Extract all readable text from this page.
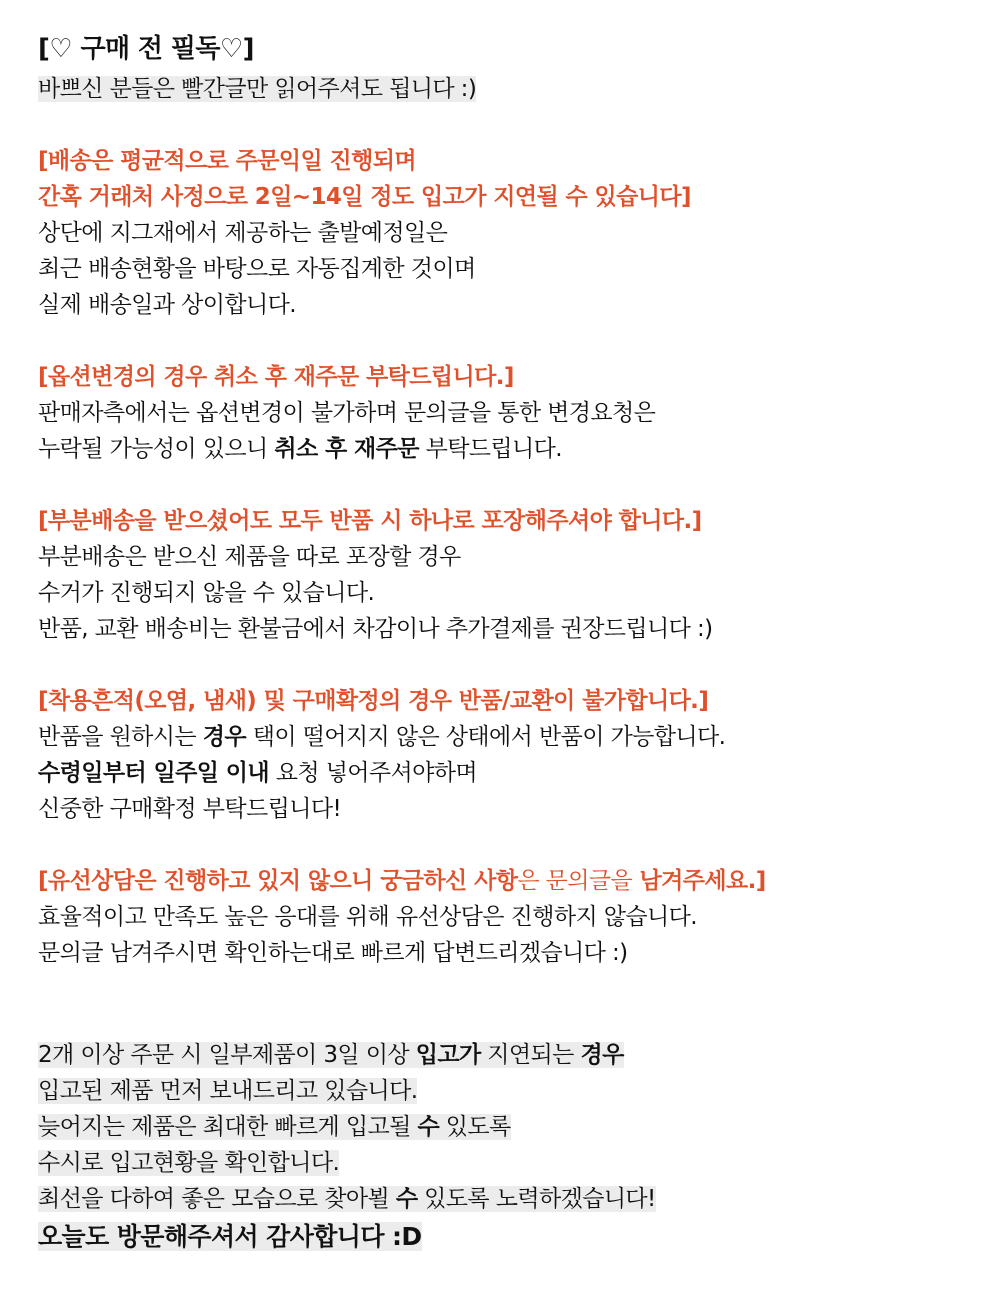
[♡ 구매 전 필독♡]
바쁘신 분들은 빨간글만 읽어주셔도 됩니다 :)
[배송은 평균적으로 주문익일 진행되며
간혹 거래처 사정으로 2일~14일 정도 입고가 지연될 수 있습니다]
상단에 지그재에서 제공하는 출발예정일은
최근 배송현황을 바탕으로 자동집계한 것이며
실제 배송일과 상이합니다.
[옵션변경의 경우 취소 후 재주문 부탁드립니다.]
판매자측에서는 옵션변경이 불가하며 문의글을 통한 변경요청은
누락될 가능성이 있으니 취소 후 재주문 부탁드립니다.
[부분배송을 받으셨어도 모두 반품 시 하나로 포장해주셔야 합니다.]
부분배송은 받으신 제품을 따로 포장할 경우
수거가 진행되지 않을 수 있습니다.
반품, 교환 배송비는 환불금에서 차감이나 추가결제를 권장드립니다 :)
[착용흔적(오염, 냄새) 및 구매확정의 경우 반품/교환이 불가합니다.]
반품을 원하시는 경우 택이 떨어지지 않은 상태에서 반품이 가능합니다.
수령일부터 일주일 이내 요청 넣어주셔야하며
신중한 구매확정 부탁드립니다!
[유선상담은 진행하고 있지 않으니 궁금하신 사항은 문의글을 남겨주세요.]
효율적이고 만족도 높은 응대를 위해 유선상담은 진행하지 않습니다.
문의글 남겨주시면 확인하는대로 빠르게 답변드리겠습니다 :)
2개 이상 주문 시 일부제품이 3일 이상 입고가 지연되는 경우
입고된 제품 먼저 보내드리고 있습니다.
늦어지는 제품은 최대한 빠르게 입고될 수 있도록
수시로 입고현황을 확인합니다.
최선을 다하여 좋은 모습으로 찾아뵐 수 있도록 노력하겠습니다!
오늘도 방문해주셔서 감사합니다 :D
